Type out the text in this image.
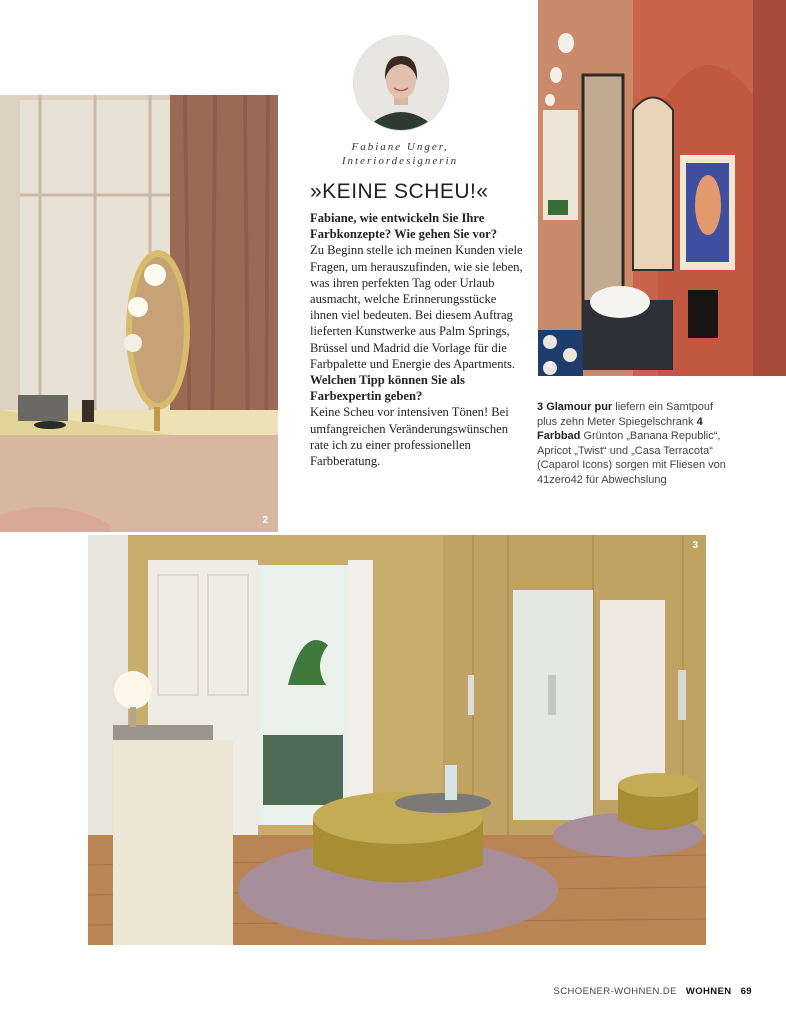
2
4
3
Fabiane Unger,
Interiordesignerin
»KEINE SCHEU!«

Fabiane, wie entwickeln Sie Ihre Farbkonzepte? Wie gehen Sie vor?

Zu Beginn stelle ich meinen Kunden viele Fragen, um herauszufinden, wie sie leben, was ihren perfekten Tag oder Urlaub ausmacht, welche Erinnerungsstücke ihnen viel bedeuten. Bei diesem Auftrag lieferten Kunstwerke aus Palm Springs, Brüssel und Madrid die Vorlage für die Farbpalette und Energie des Apartments.

Welchen Tipp können Sie als Farbexpertin geben?

Keine Scheu vor intensiven Tönen! Bei umfangreichen Veränderungswünschen rate ich zu einer professionellen Farbberatung.

3 Glamour pur liefern ein Samtpouf plus zehn Meter Spiegelschrank 4 Farbbad Grünton „Banana Republic“, Apricot „Twist“ und „Casa Terracota“ (Caparol Icons) sorgen mit Fliesen von 41zero42 für Abwechslung
SCHOENER-WOHNEN.DE WOHNEN 69
